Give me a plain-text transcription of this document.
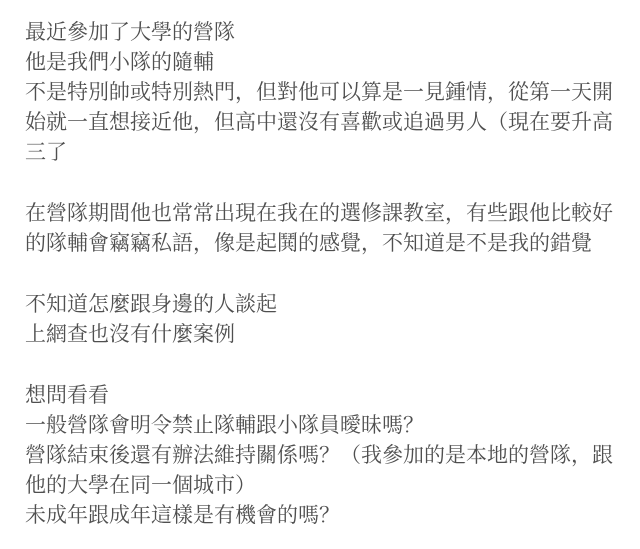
最近參加了大學的營隊
他是我們小隊的隨輔
不是特別帥或特別熱門，但對他可以算是一見鍾情，從第一天開
始就一直想接近他，但高中還沒有喜歡或追過男人（現在要升高
三了
在營隊期間他也常常出現在我在的選修課教室，有些跟他比較好
的隊輔會竊竊私語，像是起鬨的感覺，不知道是不是我的錯覺
不知道怎麼跟身邊的人談起
上網查也沒有什麼案例
想問看看
一般營隊會明令禁止隊輔跟小隊員曖昧嗎？
營隊結束後還有辦法維持關係嗎？（我參加的是本地的營隊，跟
他的大學在同一個城市）
未成年跟成年這樣是有機會的嗎？
